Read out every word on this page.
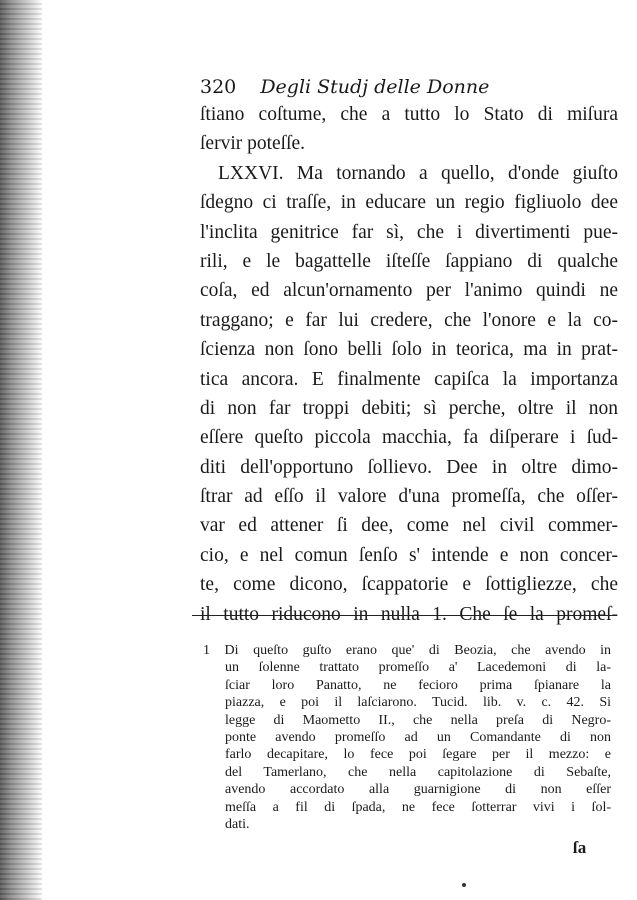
320 Degli Studj delle Donne
ſtiano coſtume, che a tutto lo Stato di miſura
ſervir poteſſe.
LXXVI. Ma tornando a quello, d'onde giuſto
ſdegno ci traſſe, in educare un regio figliuolo dee
l'inclita genitrice far sì, che i divertimenti pue-
rili, e le bagattelle iſteſſe ſappiano di qualche
coſa, ed alcun'ornamento per l'animo quindi ne
traggano; e far lui credere, che l'onore e la co-
ſcienza non ſono belli ſolo in teorica, ma in prat-
tica ancora. E finalmente capiſca la importanza
di non far troppi debiti; sì perche, oltre il non
eſſere queſto piccola macchia, fa diſperare i ſud-
diti dell'opportuno ſollievo. Dee in oltre dimo-
ſtrar ad eſſo il valore d'una promeſſa, che oſſer-
var ed attener ſi dee, come nel civil commer-
cio, e nel comun ſenſo s' intende e non concer-
te, come dicono, ſcappatorie e ſottigliezze, che
il tutto riducono in nulla 1. Che ſe la promeſ-
1 Di queſto guſto erano que' di Beozia, che avendo in
un ſolenne trattato promeſſo a' Lacedemoni di la-
ſciar loro Panatto, ne fecioro prima ſpianare la
piazza, e poi il laſciarono. Tucid. lib. v. c. 42. Si
legge di Maometto II., che nella preſa di Negro-
ponte avendo promeſſo ad un Comandante di non
farlo decapitare, lo fece poi ſegare per il mezzo: e
del Tamerlano, che nella capitolazione di Sebaſte,
avendo accordato alla guarnigione di non eſſer
meſſa a fil di ſpada, ne fece ſotterrar vivi i ſol-
dati.
ſa
